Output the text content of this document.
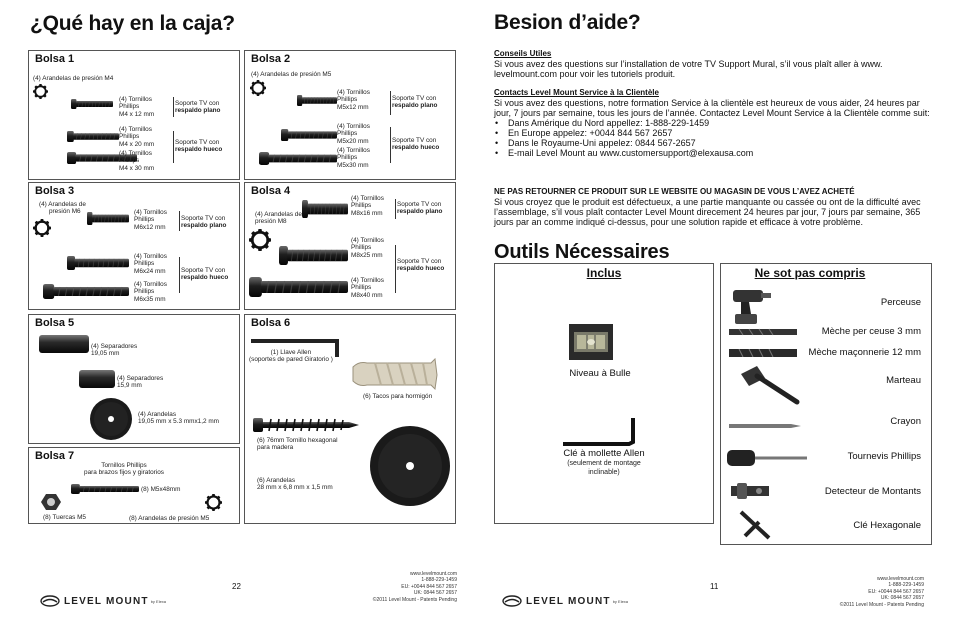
¿Qué hay en la caja?
Bolsa 1
(4) Arandelas de presión M4
(4) Tornillos
Phillips
M4 x 12 mm
(4) Tornillos
Phillips
M4 x 20 mm
(4) Tornillos
Phillips
M4 x 30 mm
Soporte TV con
respaldo plano
Soporte TV con
respaldo hueco
Bolsa 2
(4) Arandelas de presión M5
(4) Tornillos
Phillips
M5x12 mm
(4) Tornillos
Phillips
M5x20 mm
(4) Tornillos
Phillips
M5x30 mm
Soporte TV con
respaldo plano
Soporte TV con
respaldo hueco
Bolsa 3
(4) Arandelas de
presión M6	(4) Tornillos
Phillips
M6x12 mm
(4) Tornillos
Phillips
M6x24 mm
(4) Tornillos
Phillips
M6x35 mm
Soporte TV con
respaldo plano
Soporte TV con
respaldo hueco
Bolsa 4
(4) Arandelas de
presión M8
(4) Tornillos
Phillips
M8x16 mm
(4) Tornillos
Phillips
M8x25 mm
(4) Tornillos
Phillips
M8x40 mm
Soporte TV con
respaldo plano
Soporte TV con
respaldo hueco
Bolsa 5
(4) Separadores
19,05 mm
(4) Separadores
15,9 mm
(4) Arandelas
19,05 mm x 5.3 mmx1,2 mm
Bolsa 6
(1) Llave Allen
(soportes de pared Giratorio )
(6) Tacos para hormigón
(6) 76mm Tornillo hexagonal
para madera
(6) Arandelas
28 mm x 6,8 mm x 1,5 mm
Bolsa 7
Tornillos Phillips
para brazos fijos y giratorios
(8) M5x48mm
(8) Tuercas M5	(8) Arandelas de presión M5
22
LEVEL MOUNT by Elexa
www.levelmount.com
1-888-229-1459
EU: +0044 844 567 2657
UK: 0844 567 2657
©2011 Level Mount - Patents Pending
Besion d’aide?
Conseils Utiles
Si vous avez des questions sur l’installation de votre TV Support Mural, s’il vous plaît aller à www. levelmount.com pour voir les tutoriels produit.
Contacts Level Mount Service à la Clientèle
Si vous avez des questions, notre formation Service à la clientèle est heureux de vous aider, 24 heures par jour, 7 jours par semaine, tous les jours de l’année. Contactez Level Mount Service à la Clientèle comme suit:
• Dans Amérique du Nord appellez: 1-888-229-1459
• En Europe appelez: +0044 844 567 2657
• Dans le Royaume-Uni appelez: 0844 567-2657
• E-mail Level Mount au www.customersupport@elexausa.com
NE PAS RETOURNER CE PRODUIT SUR LE WEBSITE OU MAGASIN DE VOUS L’AVEZ ACHETÉ
Si vous croyez que le produit est défectueux, a une partie manquante ou cassée ou ont de la difficulté avec l’assemblage, s’il vous plaît contacter Level Mount direcement 24 heures par jour, 7 jours par semaine, 365 jours par an comme indiqué ci-dessus, pour une solution rapide et efficace à votre problème.
Outils Nécessaires
Inclus
Niveau à Bulle
Clé à mollette Allen
(seulement de montage
inclinable)
Ne sot pas compris
Perceuse
Mèche per ceuse 3 mm
Mèche maçonnerie 12 mm
Marteau
Crayon
Tournevis Phillips
Detecteur de Montants
Clé Hexagonale
11
LEVEL MOUNT by Elexa
www.levelmount.com
1-888-229-1459
EU: +0044 844 567 2657
UK: 0844 567 2657
©2011 Level Mount - Patents Pending
